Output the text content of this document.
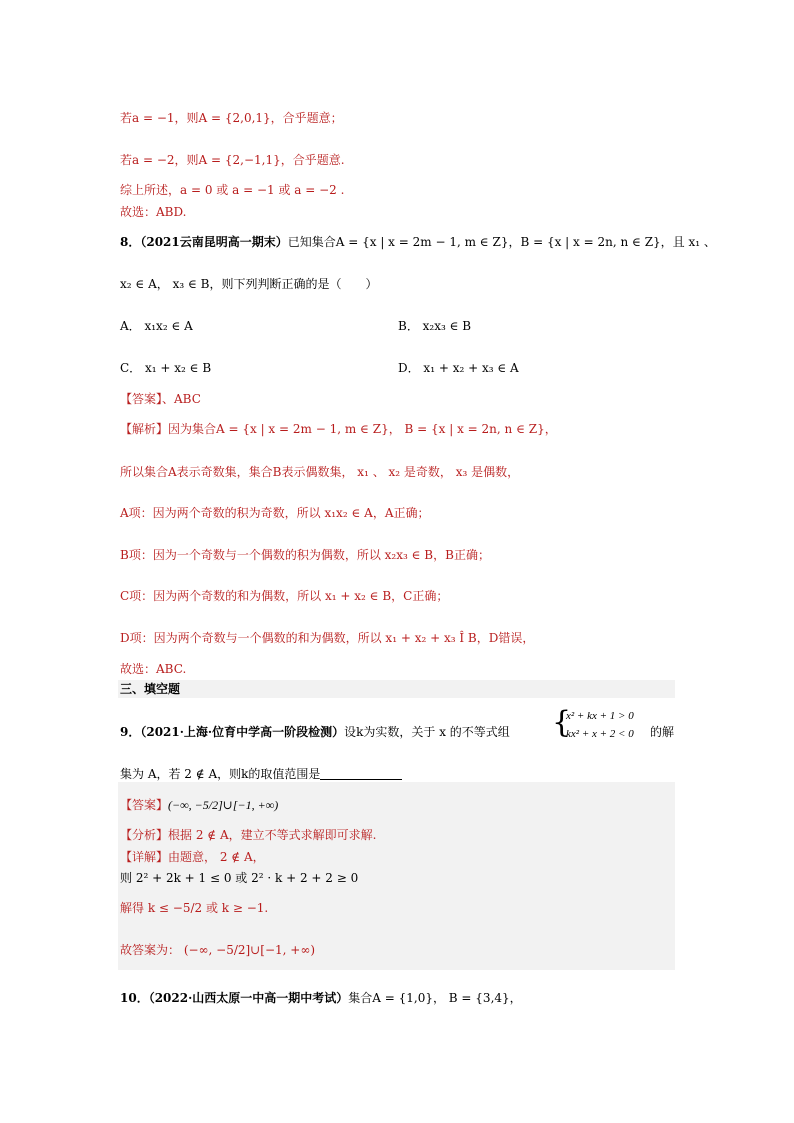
若a = −1，则A = {2,0,1}，合乎题意；
若a = −2，则A = {2,−1,1}，合乎题意.
综上所述，a = 0 或 a = −1 或 a = −2 .
故选：ABD.
8．（2021云南昆明高一期末）已知集合A = {x | x = 2m − 1, m ∈ Z}，B = {x | x = 2n, n ∈ Z}，且 x₁ 、
x₂ ∈ A， x₃ ∈ B，则下列判断正确的是（　　）
A． x₁x₂ ∈ A	B． x₂x₃ ∈ B
C． x₁ + x₂ ∈ B	D． x₁ + x₂ + x₃ ∈ A
【答案】、ABC
【解析】因为集合A = {x | x = 2m − 1, m ∈ Z}， B = {x | x = 2n, n ∈ Z}，
所以集合A表示奇数集，集合B表示偶数集， x₁ 、 x₂ 是奇数， x₃ 是偶数，
A项：因为两个奇数的积为奇数，所以 x₁x₂ ∈ A，A正确；
B项：因为一个奇数与一个偶数的积为偶数，所以 x₂x₃ ∈ B，B正确；
C项：因为两个奇数的和为偶数，所以 x₁ + x₂ ∈ B，C正确；
D项：因为两个奇数与一个偶数的和为偶数，所以 x₁ + x₂ + x₃ Î B，D错误，
故选：ABC.
三、填空题
9．（2021·上海·位育中学高一阶段检测）设k为实数，关于 x 的不等式组 {
x² + kx + 1 > 0
kx² + x + 2 < 0 的解
集为 A，若 2 ∉ A，则k的取值范围是
【答案】(−∞, −5/2]∪[−1, +∞)
【分析】根据 2 ∉ A，建立不等式求解即可求解.
【详解】由题意， 2 ∉ A，
则 2² + 2k + 1 ≤ 0 或 2² · k + 2 + 2 ≥ 0
解得 k ≤ −5/2 或 k ≥ −1.
故答案为： (−∞, −5/2]∪[−1, +∞)
10．（2022·山西太原一中高一期中考试）集合A = {1,0}， B = {3,4}，
